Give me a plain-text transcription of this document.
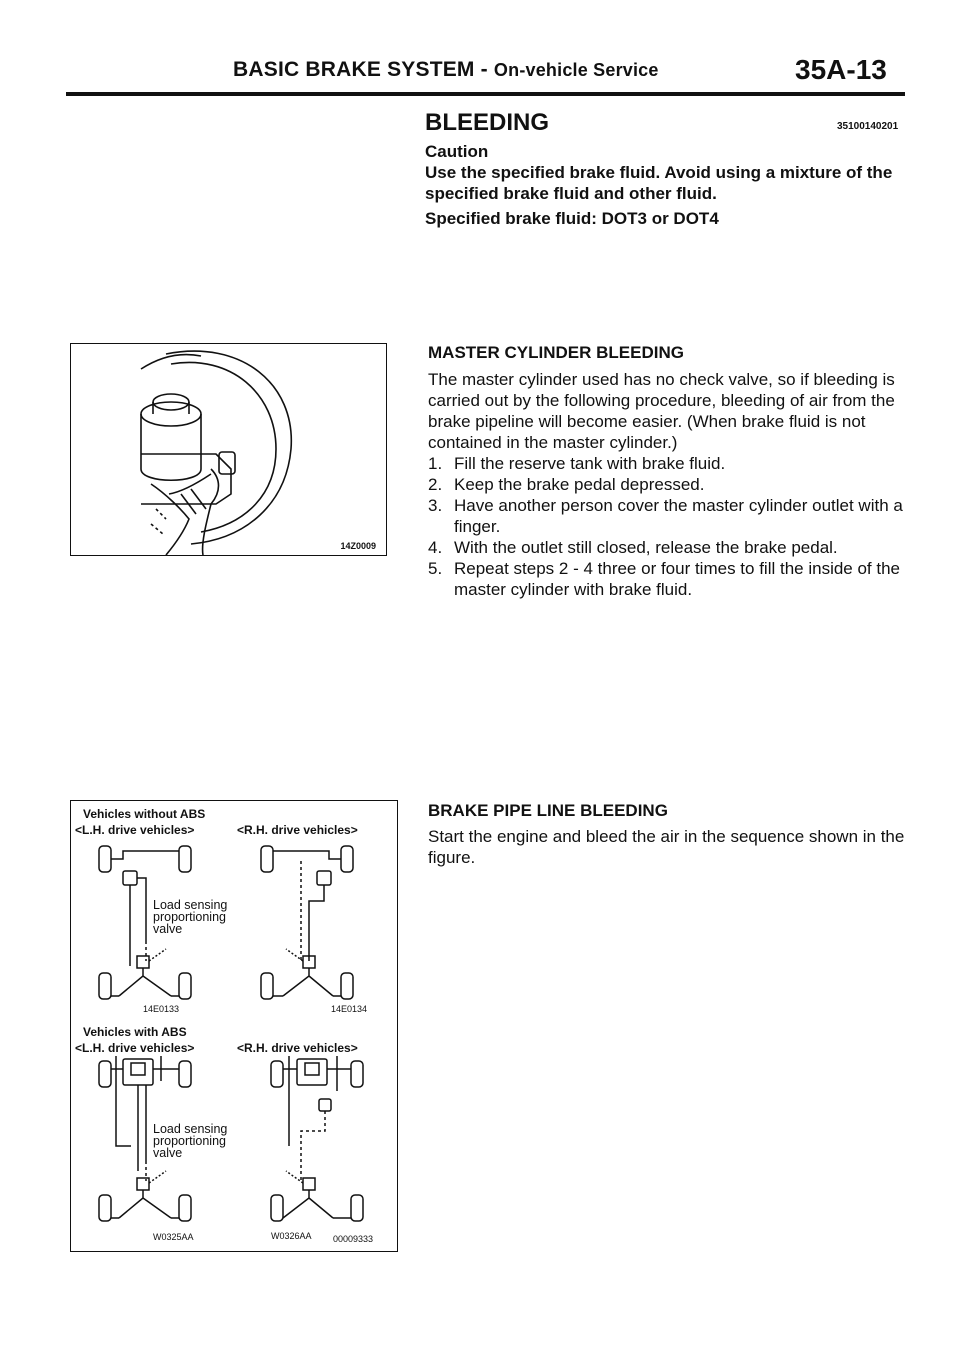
BASIC BRAKE SYSTEM - On-vehicle Service	35A-13
BLEEDING	35100140201
Caution
Use the specified brake fluid. Avoid using a mixture of the specified brake fluid and other fluid.
Specified brake fluid: DOT3 or DOT4
MASTER CYLINDER BLEEDING
The master cylinder used has no check valve, so if bleeding is carried out by the following procedure, bleeding of air from the brake pipeline will become easier. (When brake fluid is not contained in the master cylinder.)
1. Fill the reserve tank with brake fluid.
2. Keep the brake pedal depressed.
3. Have another person cover the master cylinder outlet with a finger.
4. With the outlet still closed, release the brake pedal.
5. Repeat steps 2 - 4 three or four times to fill the inside of the master cylinder with brake fluid.
14Z0009
BRAKE PIPE LINE BLEEDING
Start the engine and bleed the air in the sequence shown in the figure.
Vehicles without ABS
<L.H. drive vehicles>	<R.H. drive vehicles>
Load sensing
proportioning
valve
14E0133	14E0134
Vehicles with ABS
<L.H. drive vehicles>	<R.H. drive vehicles>
Load sensing
proportioning
valve
W0325AA	W0326AA 00009333
